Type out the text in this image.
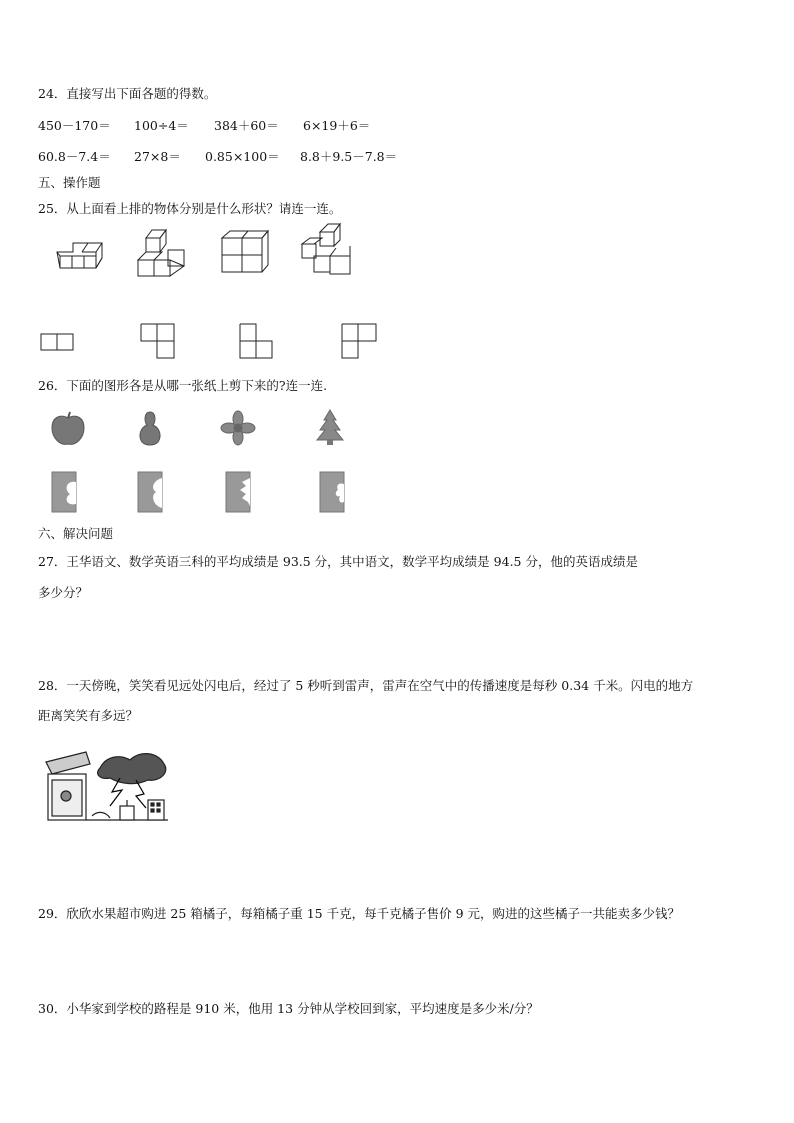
24．直接写出下面各题的得数。
450－170＝ 100÷4＝ 384＋60＝ 6×19＋6＝
60.8－7.4＝ 27×8＝ 0.85×100＝ 8.8＋9.5－7.8＝
五、操作题
25．从上面看上排的物体分别是什么形状？请连一连。
26．下面的图形各是从哪一张纸上剪下来的?连一连.
六、解决问题
27．王华语文、数学英语三科的平均成绩是 93.5 分，其中语文，数学平均成绩是 94.5 分，他的英语成绩是
多少分？
28．一天傍晚，笑笑看见远处闪电后，经过了 5 秒听到雷声，雷声在空气中的传播速度是每秒 0.34 千米。闪电的地方
距离笑笑有多远？
29．欣欣水果超市购进 25 箱橘子，每箱橘子重 15 千克，每千克橘子售价 9 元，购进的这些橘子一共能卖多少钱？
30．小华家到学校的路程是 910 米，他用 13 分钟从学校回到家，平均速度是多少米/分？
